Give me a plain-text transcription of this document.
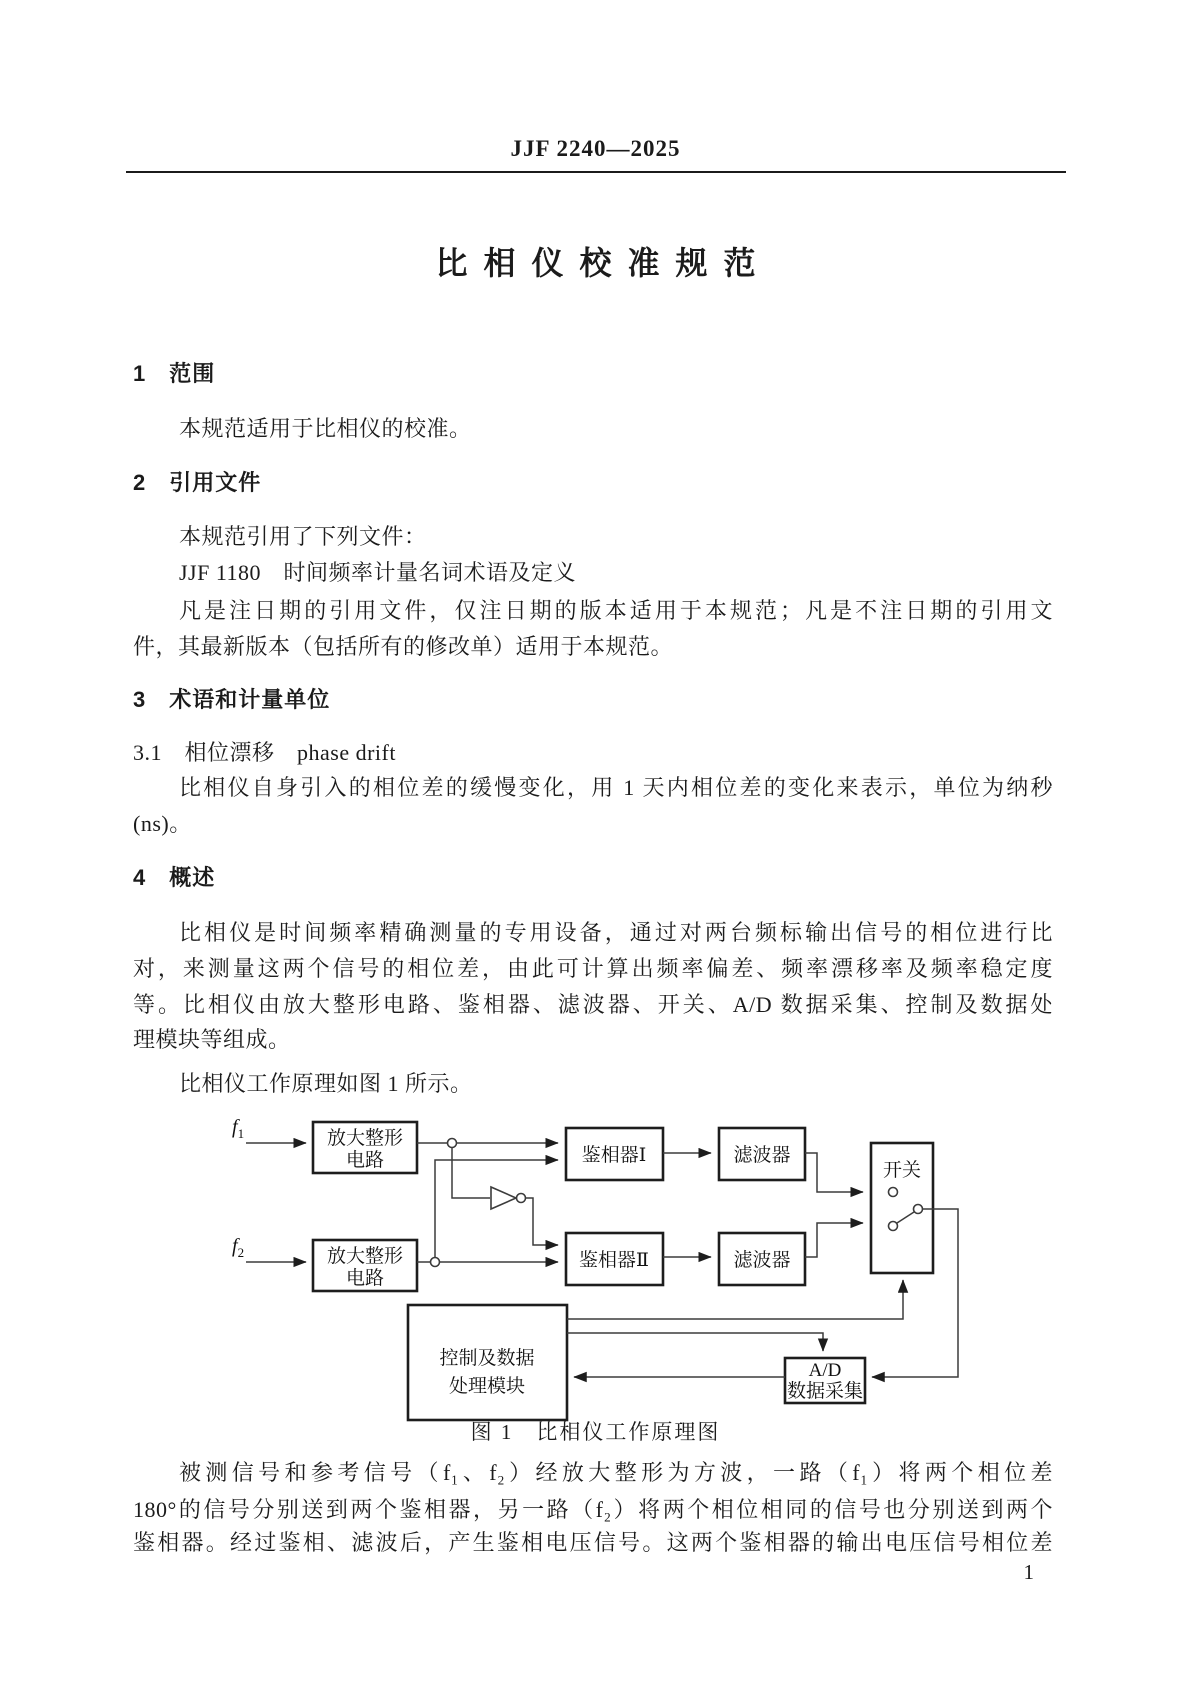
JJF 2240—2025
比相仪校准规范
1　范围
本规范适用于比相仪的校准。
2　引用文件
本规范引用了下列文件：
JJF 1180　时间频率计量名词术语及定义
凡是注日期的引用文件，仅注日期的版本适用于本规范；凡是不注日期的引用文
件，其最新版本（包括所有的修改单）适用于本规范。
3　术语和计量单位
3.1　相位漂移　phase drift
比相仪自身引入的相位差的缓慢变化，用 1 天内相位差的变化来表示，单位为纳秒
(ns)。
4　概述
比相仪是时间频率精确测量的专用设备，通过对两台频标输出信号的相位进行比
对，来测量这两个信号的相位差，由此可计算出频率偏差、频率漂移率及频率稳定度
等。比相仪由放大整形电路、鉴相器、滤波器、开关、A/D 数据采集、控制及数据处
理模块等组成。
比相仪工作原理如图 1 所示。
$f_1$
$f_2$
放大整形
电路
放大整形
电路
鉴相器Ⅰ
鉴相器Ⅱ
滤波器
滤波器
开关
控制及数据
处理模块
A/D
数据采集
图 1　比相仪工作原理图
被测信号和参考信号（f₁、f₂）经放大整形为方波，一路（f₁）将两个相位差
180°的信号分别送到两个鉴相器，另一路（f₂）将两个相位相同的信号也分别送到两个
鉴相器。经过鉴相、滤波后，产生鉴相电压信号。这两个鉴相器的输出电压信号相位差
1
